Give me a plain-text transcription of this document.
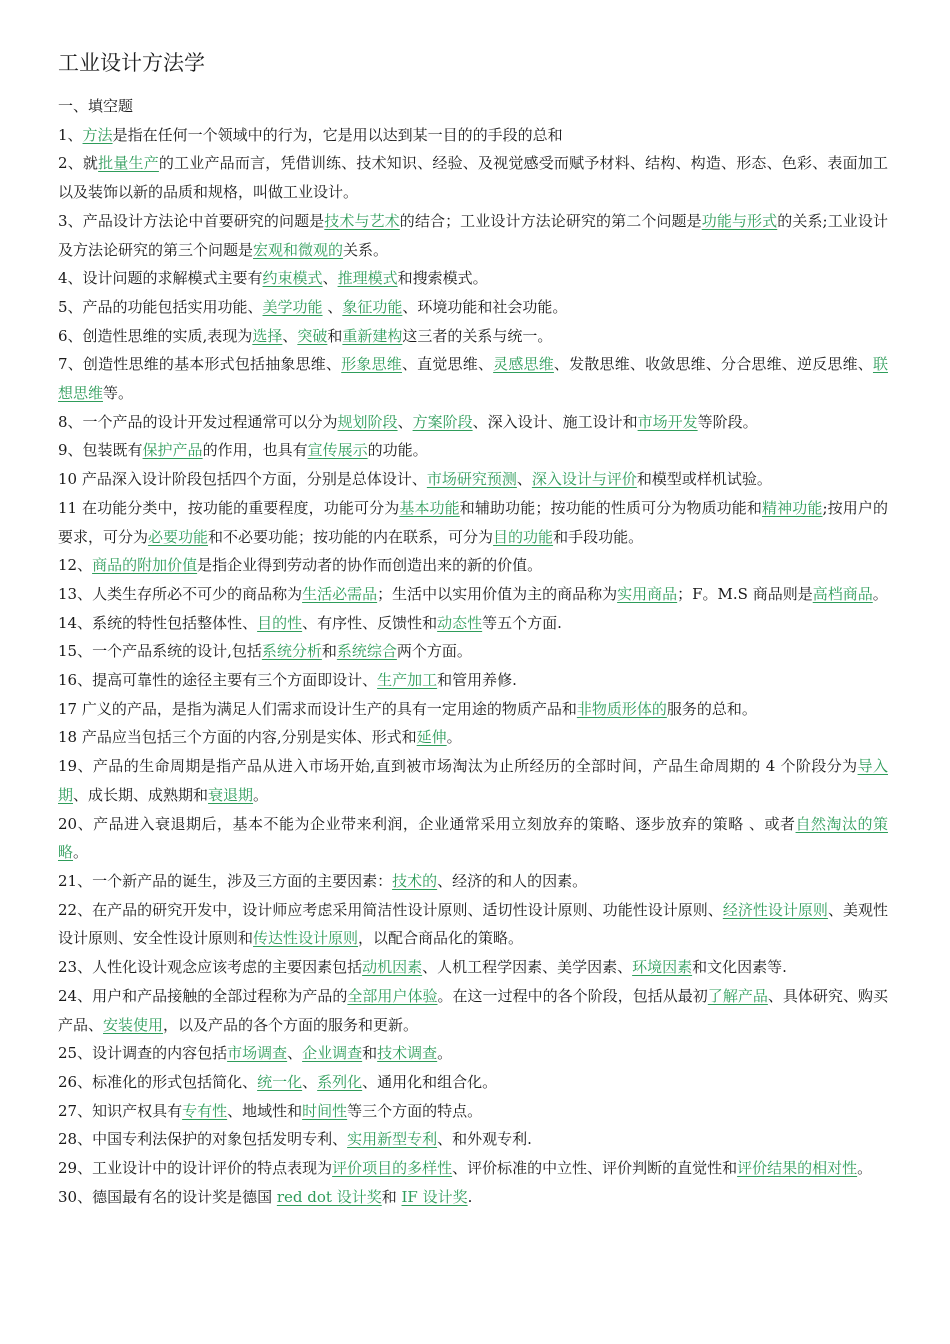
工业设计方法学
一、填空题
1、方法是指在任何一个领域中的行为，它是用以达到某一目的的手段的总和
2、就批量生产的工业产品而言，凭借训练、技术知识、经验、及视觉感受而赋予材料、结构、构造、形态、色彩、表面加工以及装饰以新的品质和规格，叫做工业设计。
3、产品设计方法论中首要研究的问题是技术与艺术的结合；工业设计方法论研究的第二个问题是功能与形式的关系;工业设计及方法论研究的第三个问题是宏观和微观的关系。
4、设计问题的求解模式主要有约束模式、推理模式和搜索模式。
5、产品的功能包括实用功能、美学功能 、象征功能、环境功能和社会功能。
6、创造性思维的实质,表现为选择、突破和重新建构这三者的关系与统一。
7、创造性思维的基本形式包括抽象思维、形象思维、直觉思维、灵感思维、发散思维、收敛思维、分合思维、逆反思维、联想思维等。
8、一个产品的设计开发过程通常可以分为规划阶段、方案阶段、深入设计、施工设计和市场开发等阶段。
9、包装既有保护产品的作用，也具有宣传展示的功能。
10 产品深入设计阶段包括四个方面，分别是总体设计、市场研究预测、深入设计与评价和模型或样机试验。
11 在功能分类中，按功能的重要程度，功能可分为基本功能和辅助功能；按功能的性质可分为物质功能和精神功能;按用户的要求，可分为必要功能和不必要功能；按功能的内在联系，可分为目的功能和手段功能。
12、商品的附加价值是指企业得到劳动者的协作而创造出来的新的价值。
13、人类生存所必不可少的商品称为生活必需品；生活中以实用价值为主的商品称为实用商品；F。M.S 商品则是高档商品。
14、系统的特性包括整体性、目的性、有序性、反馈性和动态性等五个方面.
15、一个产品系统的设计,包括系统分析和系统综合两个方面。
16、提高可靠性的途径主要有三个方面即设计、生产加工和管用养修.
17 广义的产品，是指为满足人们需求而设计生产的具有一定用途的物质产品和非物质形体的服务的总和。
18 产品应当包括三个方面的内容,分别是实体、形式和延伸。
19、产品的生命周期是指产品从进入市场开始,直到被市场淘汰为止所经历的全部时间，产品生命周期的 4 个阶段分为导入期、成长期、成熟期和衰退期。
20、产品进入衰退期后，基本不能为企业带来利润，企业通常采用立刻放弃的策略、逐步放弃的策略 、或者自然淘汰的策略。
21、一个新产品的诞生，涉及三方面的主要因素：技术的、经济的和人的因素。
22、在产品的研究开发中，设计师应考虑采用简洁性设计原则、适切性设计原则、功能性设计原则、经济性设计原则、美观性设计原则、安全性设计原则和传达性设计原则，以配合商品化的策略。
23、人性化设计观念应该考虑的主要因素包括动机因素、人机工程学因素、美学因素、环境因素和文化因素等.
24、用户和产品接触的全部过程称为产品的全部用户体验。在这一过程中的各个阶段，包括从最初了解产品、具体研究、购买产品、安装使用，以及产品的各个方面的服务和更新。
25、设计调查的内容包括市场调查、企业调查和技术调查。
26、标准化的形式包括简化、统一化、系列化、通用化和组合化。
27、知识产权具有专有性、地域性和时间性等三个方面的特点。
28、中国专利法保护的对象包括发明专利、实用新型专利、和外观专利.
29、工业设计中的设计评价的特点表现为评价项目的多样性、评价标准的中立性、评价判断的直觉性和评价结果的相对性。
30、德国最有名的设计奖是德国 red dot 设计奖和 IF 设计奖.
